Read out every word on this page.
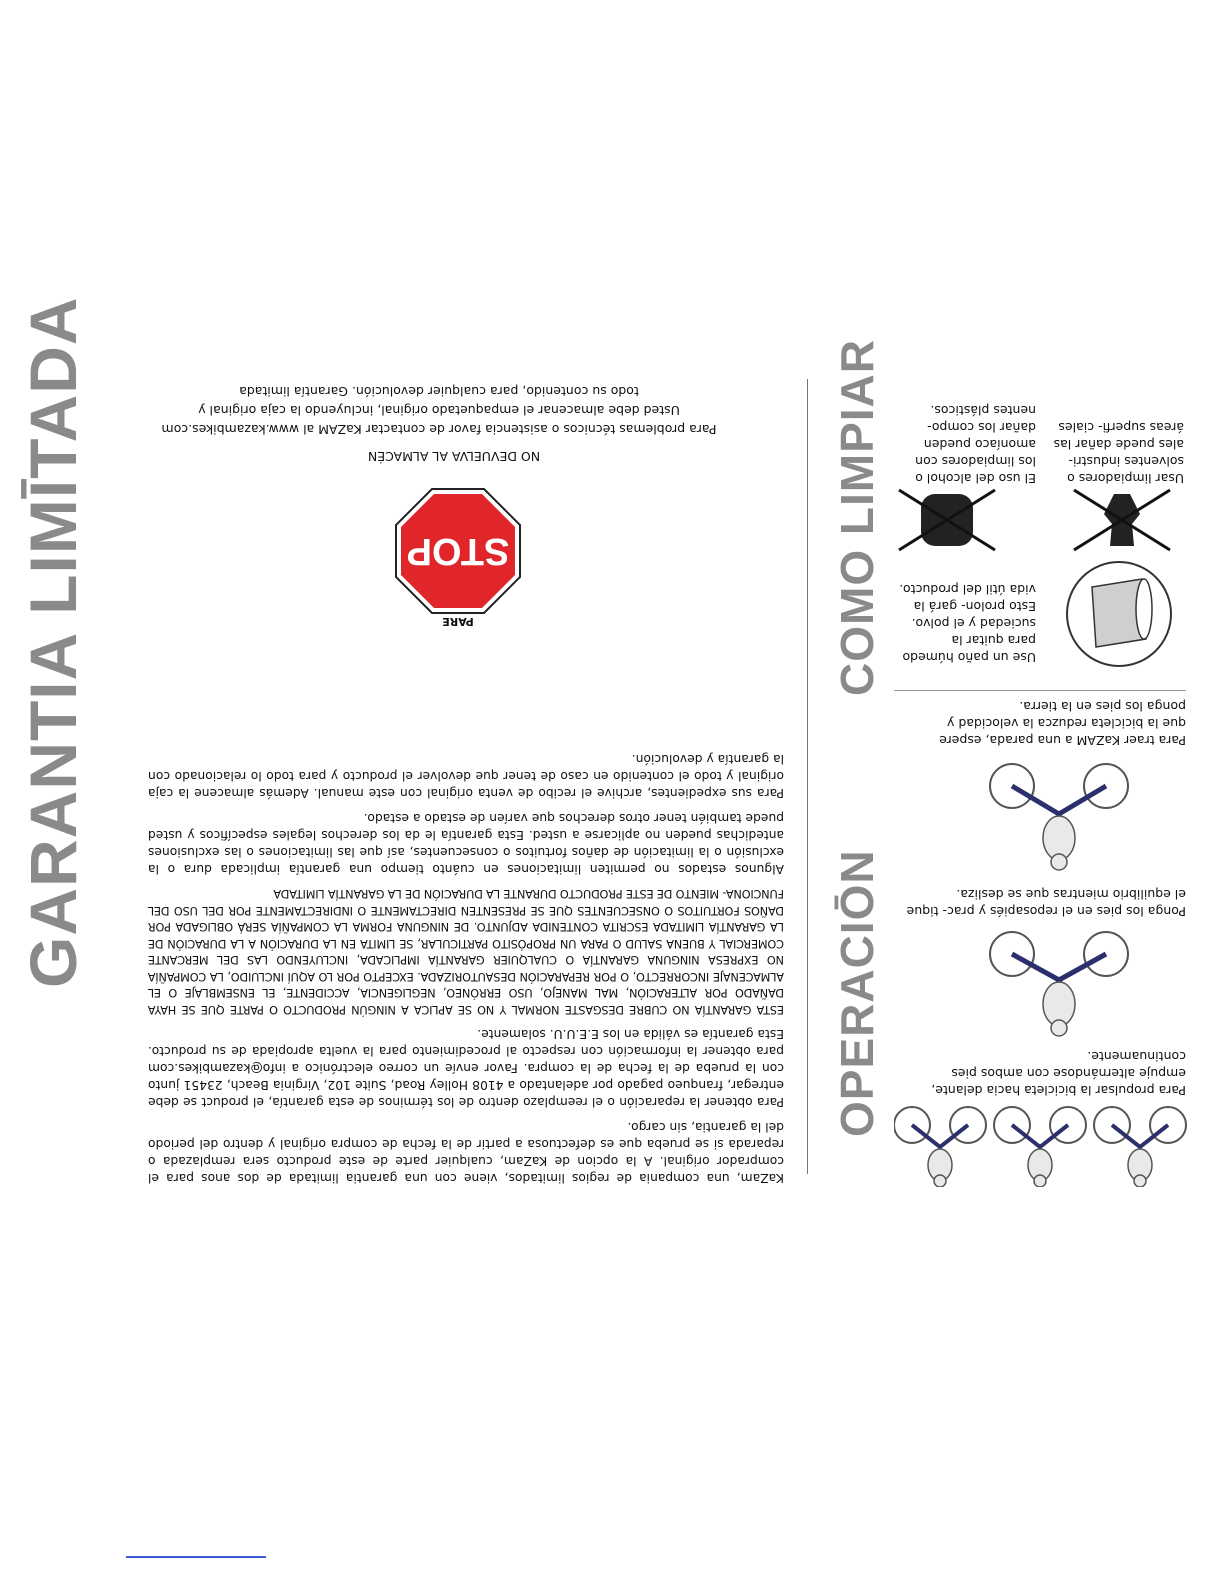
GARANTIA LIMĪTADA
OPERACIŌN
COMO LIMPIAR

KaZam, una compania de regios limitados, viene con una garantia limitada de dos anos para el comprador original. A la opcion de KaZam, cualquier parte de este producto sera remplazada o reparada si se prueba que es defectuosa a partir de la fecha de compra original y dentro del periodo del la garantia, sin cargo.

Para obtener la reparación o el reemplazo dentro de los términos de esta garantía, el product se debe entregar, franqueo pagado por adelantado a 4108 Holley Road, Suite 102, Virginia Beach, 23451 junto con la prueba de la fecha de la compra. Favor envíe un correo electrónico a info@kazambikes.com para obtener la información con respecto al procedimiento para la vuelta apropiada de su producto. Esta garantía es válida en los E.E.U.U. solamente.

ESTA GARANTÍA NO CUBRE DESGASTE NORMAL Y NO SE APLICA A NINGÚN PRODUCTO O PARTE QUE SE HAYA DAÑADO POR ALTERACIÓN, MAL MANEJO, USO ERRÓNEO, NEGLIGENCIA, ACCIDENTE, EL ENSEMBLAJE O EL ALMACENAJE INCORRECTO, O POR REPARACIÓN DESAUTORIZADA. EXCEPTO POR LO AQUÍ INCLUIDO, LA COMPAÑÍA NO EXPRESA NINGUNA GARANTÍA O CUALQUIER GARANTÍA IMPLICADA, INCLUYENDO LAS DEL MERCANTE COMERCIAL Y BUENA SALUD O PARA UN PROPÓSITO PARTICULAR, SE LIMITA EN LA DURACIÓN A LA DURACIÓN DE LA GARANTÍA LIMITADA ESCRITA CONTENIDA ADJUNTO. DE NINGUNA FORMA LA COMPAÑÍA SERÁ OBLIGADA POR DAÑOS FORTUITOS O ONSECUENTES QUE SE PRESENTEN DIRECTAMENTE O INDIRECTAMENTE POR DEL USO DEL FUNCIONA- MIENTO DE ESTE PRODUCTO DURANTE LA DURACIÓN DE LA GARANTÍA LIMITADA

Algunos estados no permiten limitaciones en cuánto tiempo una garantía implicada dura o la exclusión o la limitación de daños fortuitos o consecuentes, así que las limitaciones o las exclusiones antedichas pueden no aplicarse a usted. Esta garantía le da los derechos legales específicos y usted puede también tener otros derechos que varíen de estado a estado.

Para sus expedientes, archive el recibo de venta original con este manual. Además almacene la caja original y todo el contenido en caso de tener que devolver el producto y para todo lo relacionado con la garantía y devolución.

PARE
STOP
NO DEVUELVA AL ALMACÉN

Para problemas técnicos o asistencia favor de contactar KaZAM al www.kazambikes.com

Usted debe almacenar el empaquetado original, incluyendo la caja original y

todo su contenido, para cualquier devolución. Garantía limitada

Para propulsar la bicicleta hacia delante, empuje alternándose con ambos pies continuamente.
Ponga los pies en el reposapiés y prac- tique el equilibrio mientras que se desliza.
Para traer KaZAM a una parada, espere que la bicicleta reduzca la velocidad y ponga los pies en la tierra.
Use un paño húmedo para quitar la suciedad y el polvo. Esto prolon- gará la vida útil del producto.
El uso del alcohol o los limpiadores con amoníaco pueden dañar los compo- nentes plásticos.
Usar limpiadores o solventes industri- ales puede dañar las áreas superfi- ciales
